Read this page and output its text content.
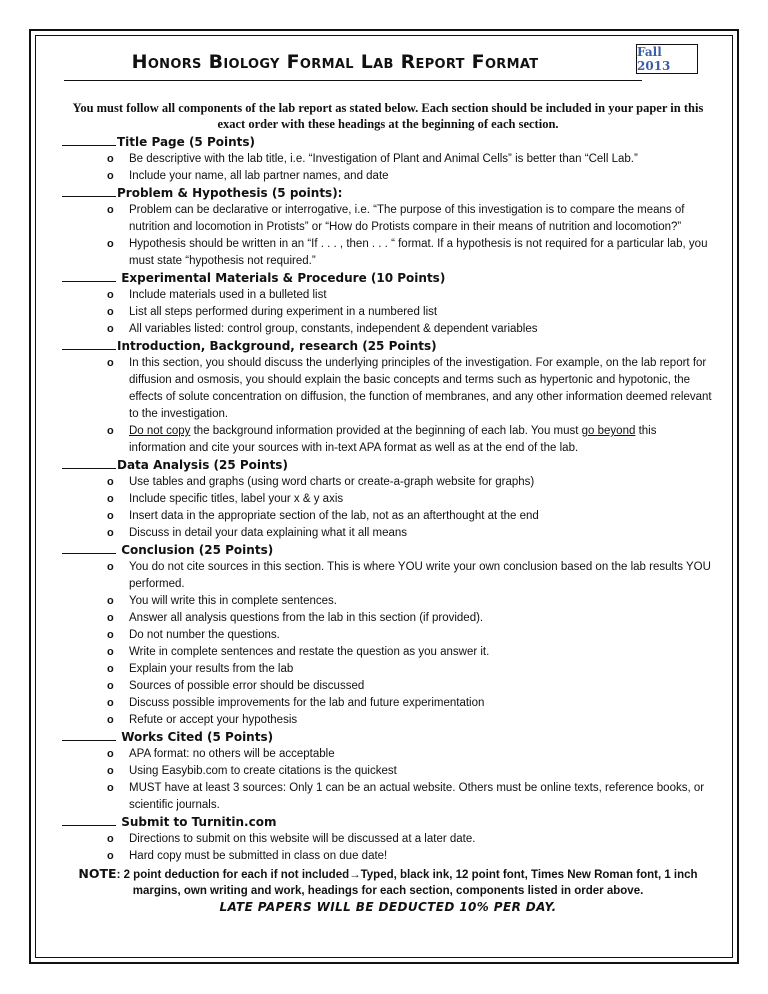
Honors Biology Formal Lab Report Format	Fall 2013

You must follow all components of the lab report as stated below. Each section should be included in your paper in this exact order with these headings at the beginning of each section.

Title Page (5 Points)
o Be descriptive with the lab title, i.e. “Investigation of Plant and Animal Cells” is better than “Cell Lab.”
o Include your name, all lab partner names, and date
Problem & Hypothesis (5 points):
o Problem can be declarative or interrogative, i.e. “The purpose of this investigation is to compare the means of nutrition and locomotion in Protists” or “How do Protists compare in their means of nutrition and locomotion?”
o Hypothesis should be written in an “If . . . , then . . . “ format. If a hypothesis is not required for a particular lab, you must state “hypothesis not required.”
Experimental Materials & Procedure (10 Points)
o Include materials used in a bulleted list
o List all steps performed during experiment in a numbered list
o All variables listed: control group, constants, independent & dependent variables
Introduction, Background, research (25 Points)
o In this section, you should discuss the underlying principles of the investigation. For example, on the lab report for diffusion and osmosis, you should explain the basic concepts and terms such as hypertonic and hypotonic, the effects of solute concentration on diffusion, the function of membranes, and any other information deemed relevant to the investigation.
o Do not copy the background information provided at the beginning of each lab. You must go beyond this information and cite your sources with in-text APA format as well as at the end of the lab.
Data Analysis (25 Points)
o Use tables and graphs (using word charts or create-a-graph website for graphs)
o Include specific titles, label your x & y axis
o Insert data in the appropriate section of the lab, not as an afterthought at the end
o Discuss in detail your data explaining what it all means
Conclusion (25 Points)
o You do not cite sources in this section. This is where YOU write your own conclusion based on the lab results YOU performed.
o You will write this in complete sentences.
o Answer all analysis questions from the lab in this section (if provided).
o Do not number the questions.
o Write in complete sentences and restate the question as you answer it.
o Explain your results from the lab
o Sources of possible error should be discussed
o Discuss possible improvements for the lab and future experimentation
o Refute or accept your hypothesis
Works Cited (5 Points)
o APA format: no others will be acceptable
o Using Easybib.com to create citations is the quickest
o MUST have at least 3 sources: Only 1 can be an actual website. Others must be online texts, reference books, or scientific journals.
Submit to Turnitin.com
o Directions to submit on this website will be discussed at a later date.
o Hard copy must be submitted in class on due date!
NOTE: 2 point deduction for each if not included→Typed, black ink, 12 point font, Times New Roman font, 1 inch margins, own writing and work, headings for each section, components listed in order above.
LATE PAPERS WILL BE DEDUCTED 10% PER DAY.
